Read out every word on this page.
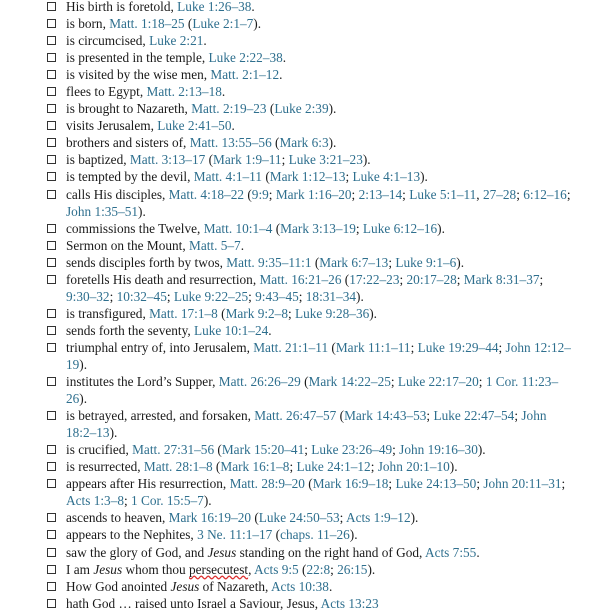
His birth is foretold, Luke 1:26–38.
is born, Matt. 1:18–25 (Luke 2:1–7).
is circumcised, Luke 2:21.
is presented in the temple, Luke 2:22–38.
is visited by the wise men, Matt. 2:1–12.
flees to Egypt, Matt. 2:13–18.
is brought to Nazareth, Matt. 2:19–23 (Luke 2:39).
visits Jerusalem, Luke 2:41–50.
brothers and sisters of, Matt. 13:55–56 (Mark 6:3).
is baptized, Matt. 3:13–17 (Mark 1:9–11; Luke 3:21–23).
is tempted by the devil, Matt. 4:1–11 (Mark 1:12–13; Luke 4:1–13).
calls His disciples, Matt. 4:18–22 (9:9; Mark 1:16–20; 2:13–14; Luke 5:1–11, 27–28; 6:12–16; John 1:35–51).
commissions the Twelve, Matt. 10:1–4 (Mark 3:13–19; Luke 6:12–16).
Sermon on the Mount, Matt. 5–7.
sends disciples forth by twos, Matt. 9:35–11:1 (Mark 6:7–13; Luke 9:1–6).
foretells His death and resurrection, Matt. 16:21–26 (17:22–23; 20:17–28; Mark 8:31–37; 9:30–32; 10:32–45; Luke 9:22–25; 9:43–45; 18:31–34).
is transfigured, Matt. 17:1–8 (Mark 9:2–8; Luke 9:28–36).
sends forth the seventy, Luke 10:1–24.
triumphal entry of, into Jerusalem, Matt. 21:1–11 (Mark 11:1–11; Luke 19:29–44; John 12:12–19).
institutes the Lord’s Supper, Matt. 26:26–29 (Mark 14:22–25; Luke 22:17–20; 1 Cor. 11:23–26).
is betrayed, arrested, and forsaken, Matt. 26:47–57 (Mark 14:43–53; Luke 22:47–54; John 18:2–13).
is crucified, Matt. 27:31–56 (Mark 15:20–41; Luke 23:26–49; John 19:16–30).
is resurrected, Matt. 28:1–8 (Mark 16:1–8; Luke 24:1–12; John 20:1–10).
appears after His resurrection, Matt. 28:9–20 (Mark 16:9–18; Luke 24:13–50; John 20:11–31; Acts 1:3–8; 1 Cor. 15:5–7).
ascends to heaven, Mark 16:19–20 (Luke 24:50–53; Acts 1:9–12).
appears to the Nephites, 3 Ne. 11:1–17 (chaps. 11–26).
saw the glory of God, and Jesus standing on the right hand of God, Acts 7:55.
I am Jesus whom thou persecutest, Acts 9:5 (22:8; 26:15).
How God anointed Jesus of Nazareth, Acts 10:38.
hath God … raised unto Israel a Saviour, Jesus, Acts 13:23
